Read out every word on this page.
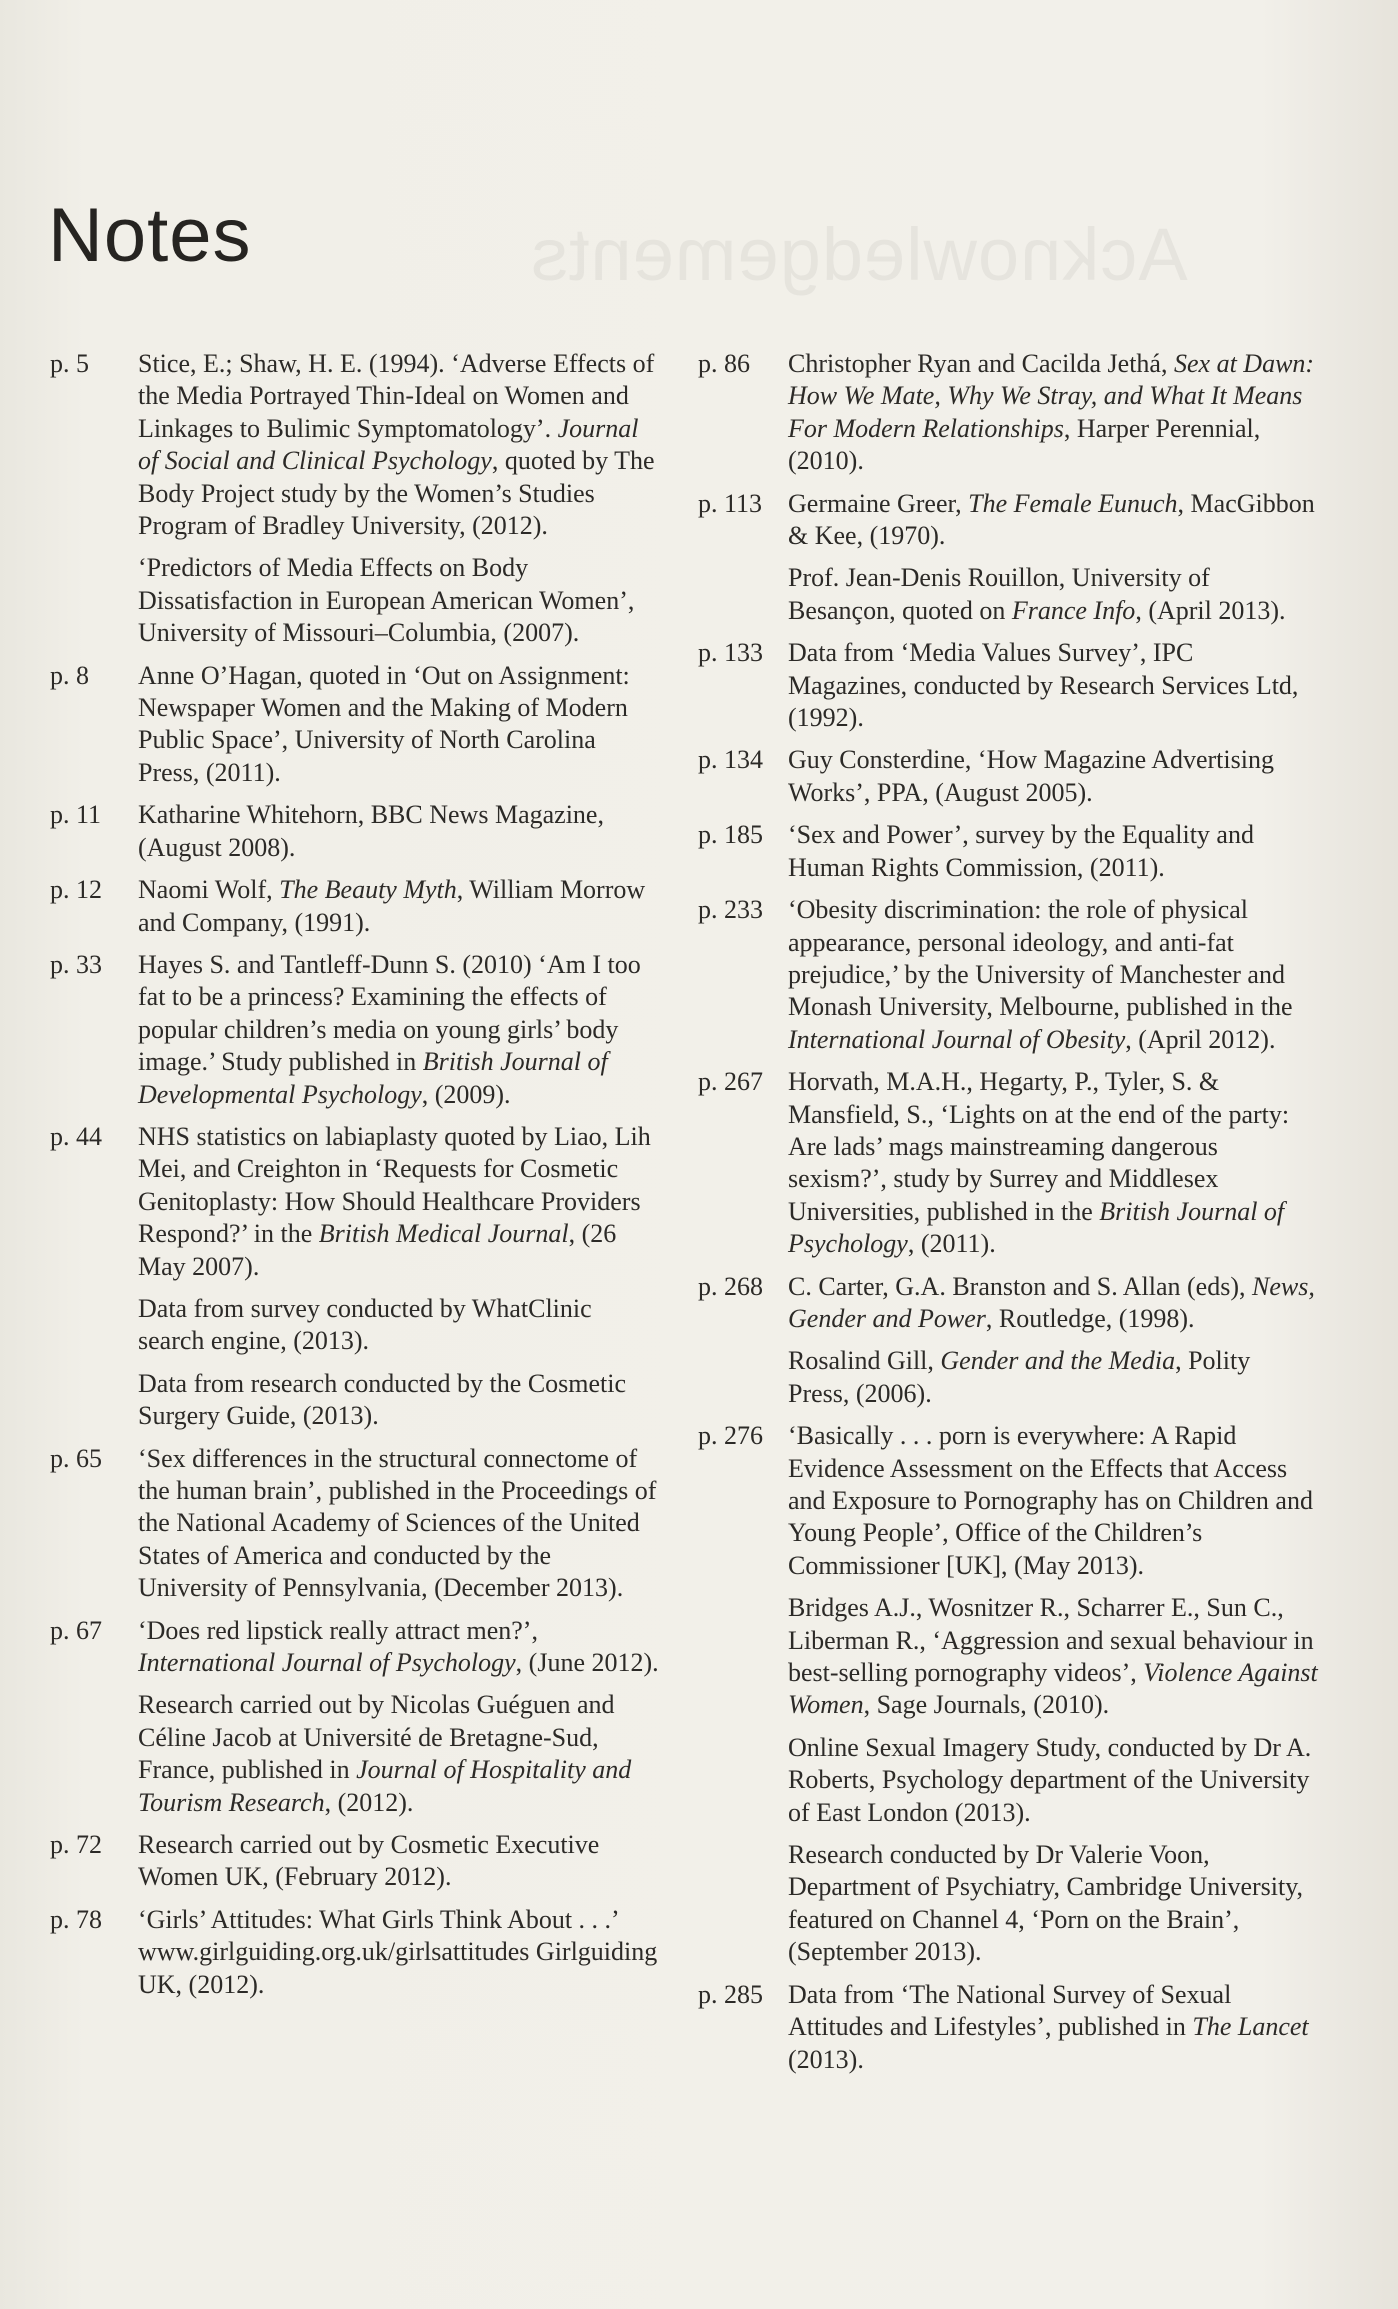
Acknowledgements
Notes
p. 5	Stice, E.; Shaw, H. E. (1994). ‘Adverse Effects of the Media Portrayed Thin-Ideal on Women and Linkages to Bulimic Symptomatology’. Journal of Social and Clinical Psychology, quoted by The Body Project study by the Women’s Studies Program of Bradley University, (2012).

‘Predictors of Media Effects on Body Dissatisfaction in European American Women’, University of Missouri–Columbia, (2007).

p. 8	Anne O’Hagan, quoted in ‘Out on Assignment: Newspaper Women and the Making of Modern Public Space’, University of North Carolina Press, (2011).

p. 11	Katharine Whitehorn, BBC News Magazine, (August 2008).

p. 12	Naomi Wolf, The Beauty Myth, William Morrow and Company, (1991).

p. 33	Hayes S. and Tantleff-Dunn S. (2010) ‘Am I too fat to be a princess? Examining the effects of popular children’s media on young girls’ body image.’ Study published in British Journal of Developmental Psychology, (2009).

p. 44	NHS statistics on labiaplasty quoted by Liao, Lih Mei, and Creighton in ‘Requests for Cosmetic Genitoplasty: How Should Healthcare Providers Respond?’ in the British Medical Journal, (26 May 2007).

Data from survey conducted by WhatClinic search engine, (2013).

Data from research conducted by the Cosmetic Surgery Guide, (2013).

p. 65	‘Sex differences in the structural connectome of the human brain’, published in the Proceedings of the National Academy of Sciences of the United States of America and conducted by the University of Pennsylvania, (December 2013).

p. 67	‘Does red lipstick really attract men?’, International Journal of Psychology, (June 2012).

Research carried out by Nicolas Guéguen and Céline Jacob at Université de Bretagne-Sud, France, published in Journal of Hospitality and Tourism Research, (2012).

p. 72	Research carried out by Cosmetic Executive Women UK, (February 2012).

p. 78	‘Girls’ Attitudes: What Girls Think About . . .’ www.girlguiding.org.uk/girlsattitudes Girlguiding UK, (2012).

p. 86	Christopher Ryan and Cacilda Jethá, Sex at Dawn: How We Mate, Why We Stray, and What It Means For Modern Relationships, Harper Perennial, (2010).

p. 113 Germaine Greer, The Female Eunuch, MacGibbon & Kee, (1970).

Prof. Jean-Denis Rouillon, University of Besançon, quoted on France Info, (April 2013).

p. 133 Data from ‘Media Values Survey’, IPC Magazines, conducted by Research Services Ltd, (1992).

p. 134 Guy Consterdine, ‘How Magazine Advertising Works’, PPA, (August 2005).

p. 185 ‘Sex and Power’, survey by the Equality and Human Rights Commission, (2011).

p. 233 ‘Obesity discrimination: the role of physical appearance, personal ideology, and anti-fat prejudice,’ by the University of Manchester and Monash University, Melbourne, published in the International Journal of Obesity, (April 2012).

p. 267 Horvath, M.A.H., Hegarty, P., Tyler, S. & Mansfield, S., ‘Lights on at the end of the party: Are lads’ mags mainstreaming dangerous sexism?’, study by Surrey and Middlesex Universities, published in the British Journal of Psychology, (2011).

p. 268 C. Carter, G.A. Branston and S. Allan (eds), News, Gender and Power, Routledge, (1998).

Rosalind Gill, Gender and the Media, Polity Press, (2006).

p. 276 ‘Basically . . . porn is everywhere: A Rapid Evidence Assessment on the Effects that Access and Exposure to Pornography has on Children and Young People’, Office of the Children’s Commissioner [UK], (May 2013).

Bridges A.J., Wosnitzer R., Scharrer E., Sun C., Liberman R., ‘Aggression and sexual behaviour in best-selling pornography videos’, Violence Against Women, Sage Journals, (2010).

Online Sexual Imagery Study, conducted by Dr A. Roberts, Psychology department of the University of East London (2013).

Research conducted by Dr Valerie Voon, Department of Psychiatry, Cambridge University, featured on Channel 4, ‘Porn on the Brain’, (September 2013).

p. 285 Data from ‘The National Survey of Sexual Attitudes and Lifestyles’, published in The Lancet (2013).
